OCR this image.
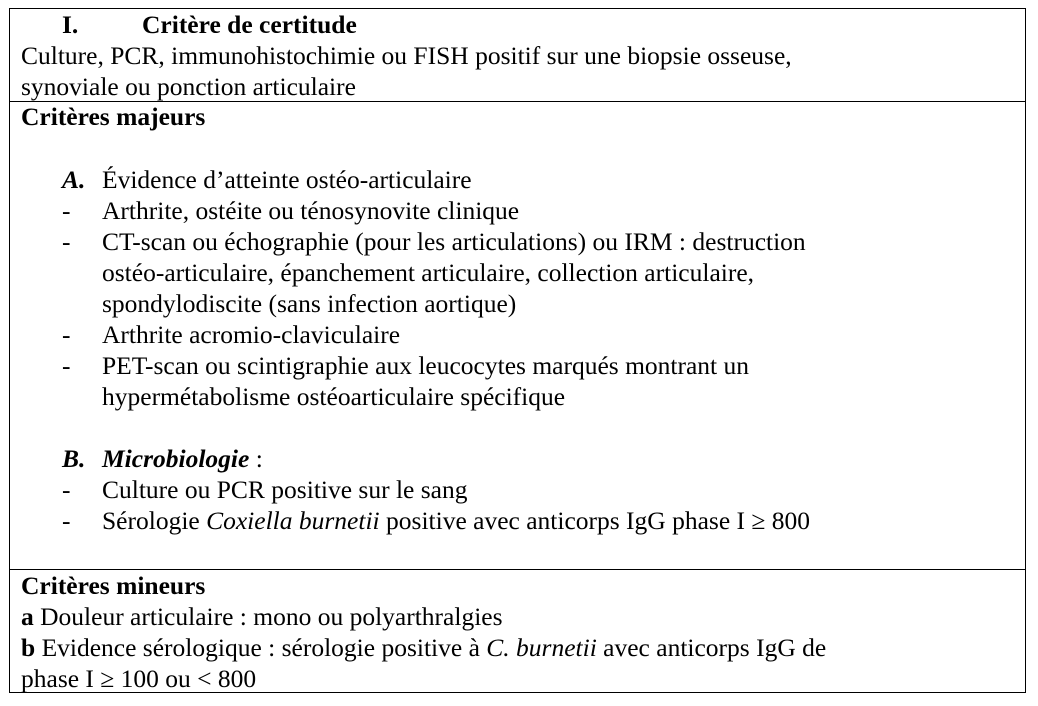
I. Critère de certitude
Culture, PCR, immunohistochimie ou FISH positif sur une biopsie osseuse,
synoviale ou ponction articulaire
Critères majeurs
A. Évidence d’atteinte ostéo-articulaire
- Arthrite, ostéite ou ténosynovite clinique
- CT-scan ou échographie (pour les articulations) ou IRM : destruction
ostéo-articulaire, épanchement articulaire, collection articulaire,
spondylodiscite (sans infection aortique)
- Arthrite acromio-claviculaire
- PET-scan ou scintigraphie aux leucocytes marqués montrant un
hypermétabolisme ostéoarticulaire spécifique
B. Microbiologie :
- Culture ou PCR positive sur le sang
- Sérologie Coxiella burnetii positive avec anticorps IgG phase I ≥ 800
Critères mineurs
a Douleur articulaire : mono ou polyarthralgies
b Evidence sérologique : sérologie positive à C. burnetii avec anticorps IgG de
phase I ≥ 100 ou < 800
